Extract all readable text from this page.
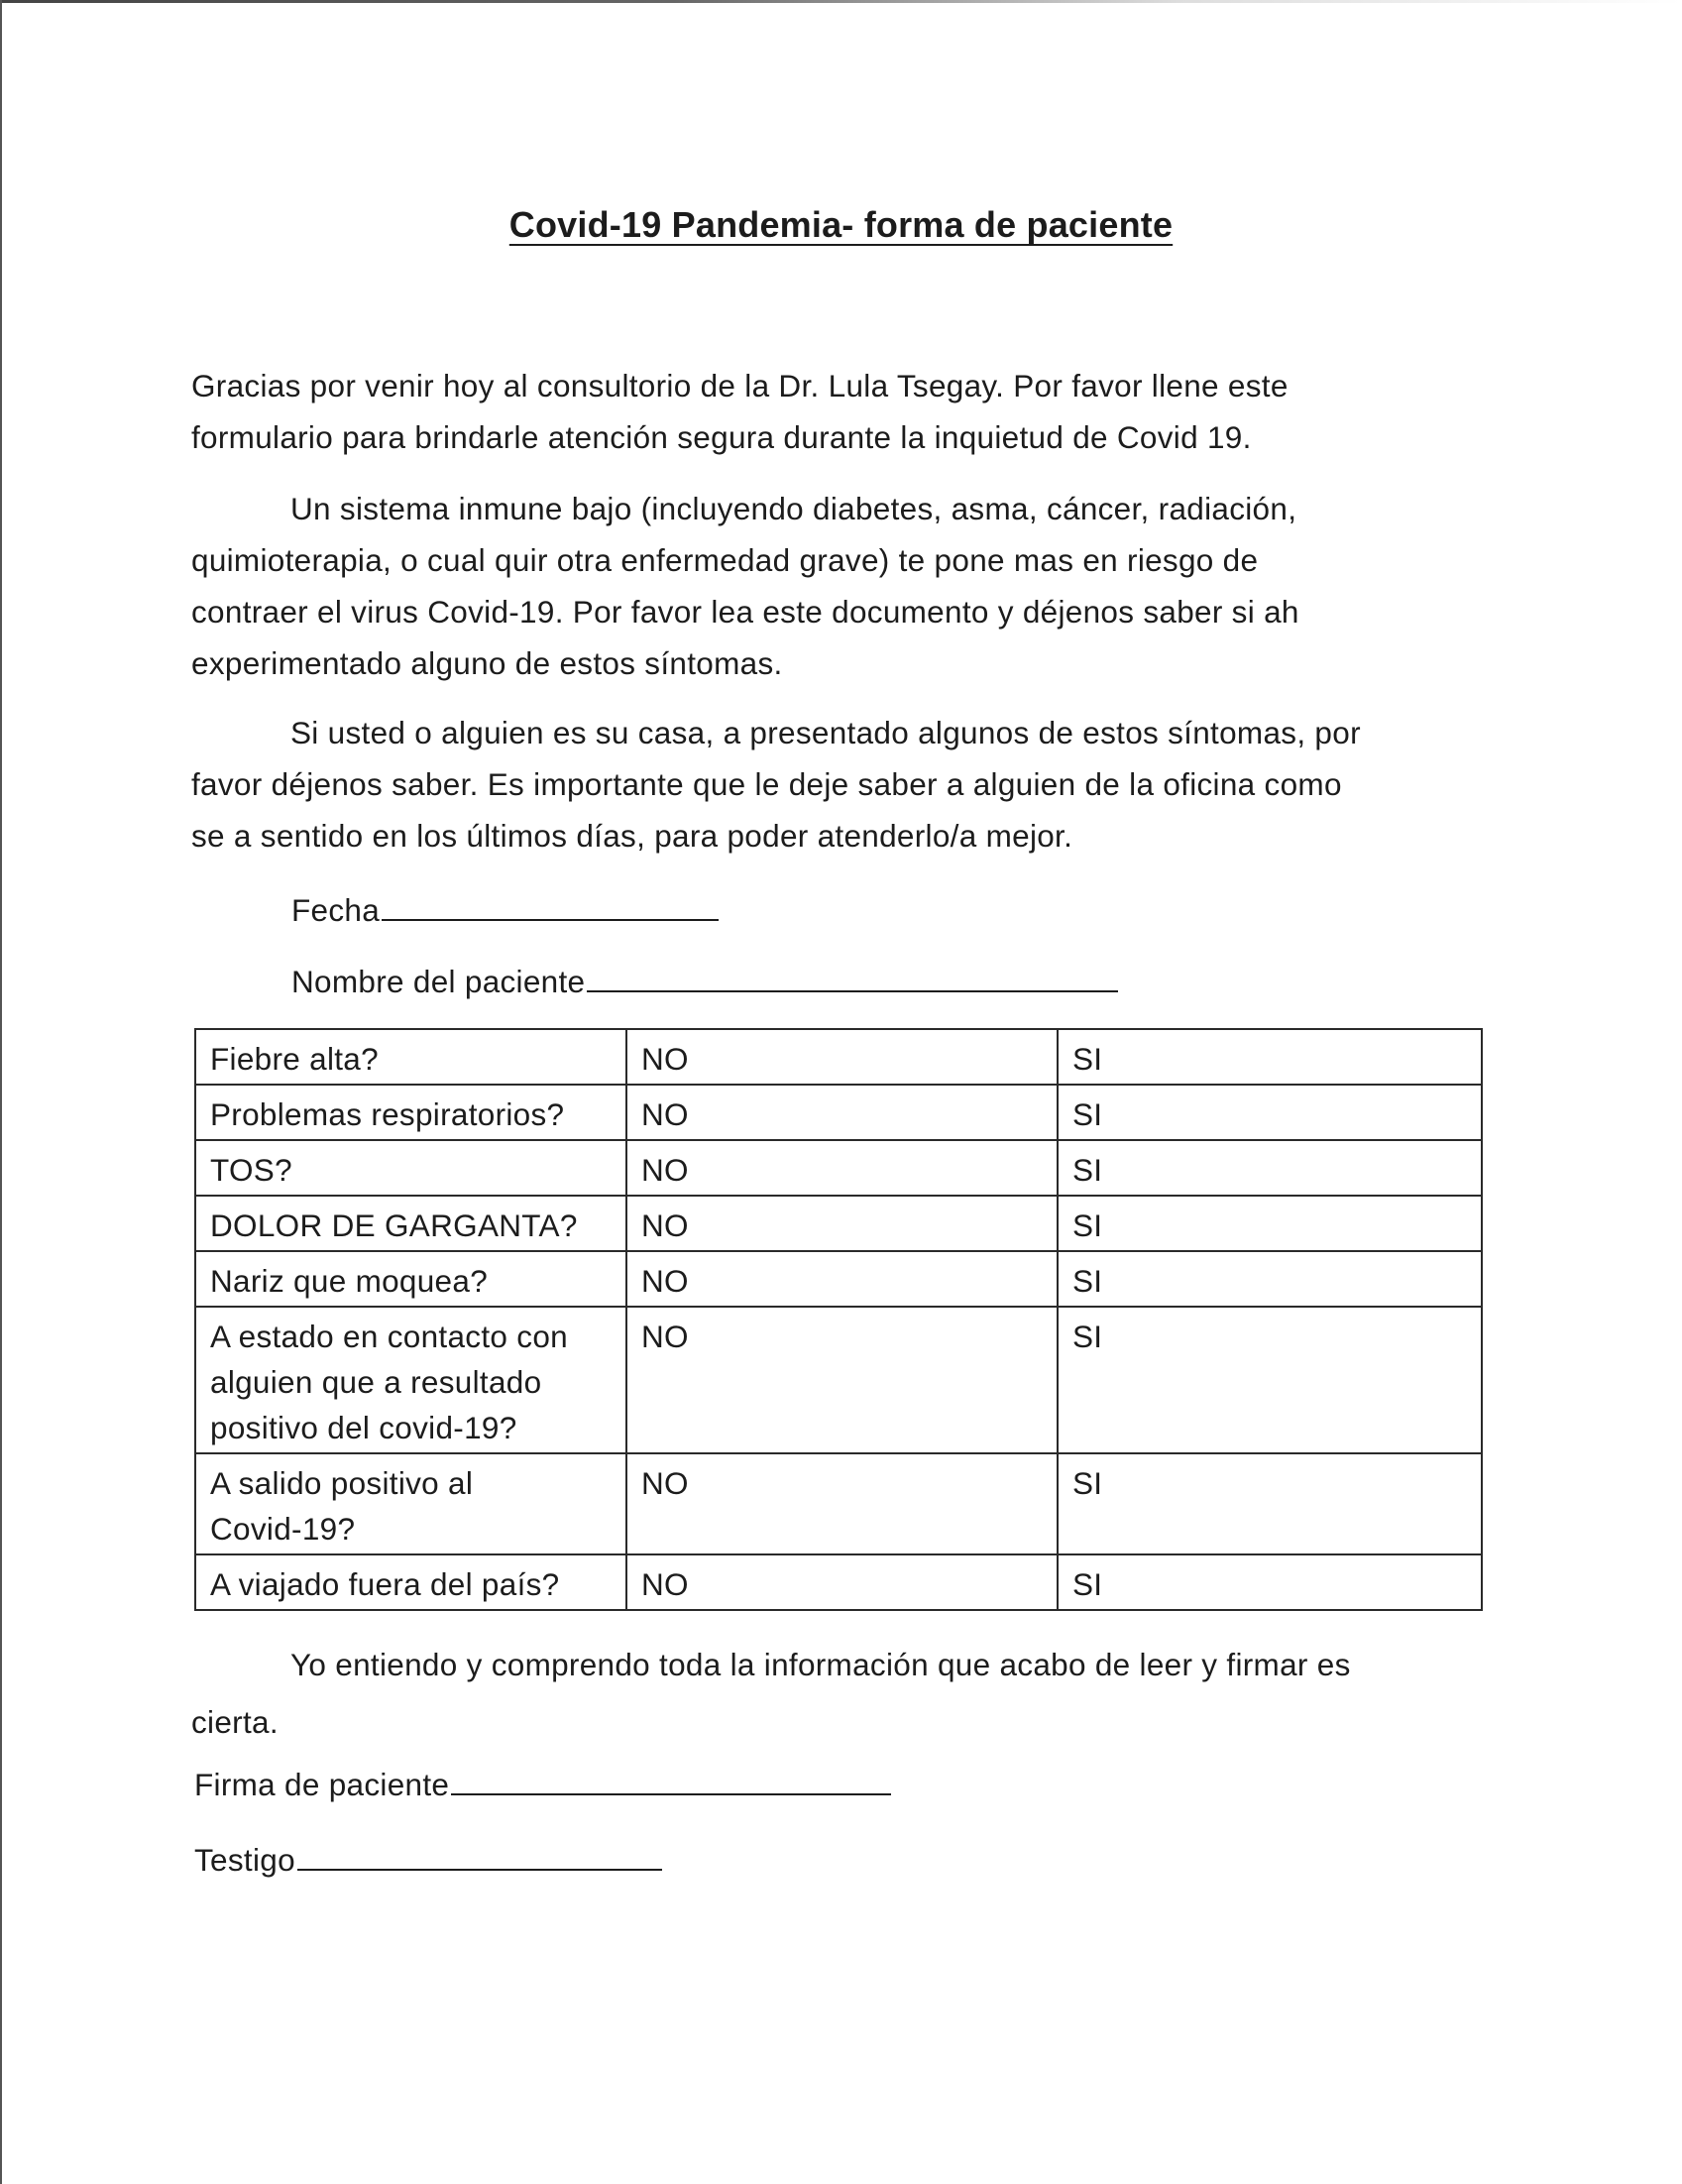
Covid-19 Pandemia- forma de paciente
Gracias por venir hoy al consultorio de la Dr. Lula Tsegay. Por favor llene este
formulario para brindarle atención segura durante la inquietud de Covid 19.
Un sistema inmune bajo (incluyendo diabetes, asma, cáncer, radiación,
quimioterapia, o cual quir otra enfermedad grave) te pone mas en riesgo de
contraer el virus Covid-19. Por favor lea este documento y déjenos saber si ah
experimentado alguno de estos síntomas.
Si usted o alguien es su casa, a presentado algunos de estos síntomas, por
favor déjenos saber. Es importante que le deje saber a alguien de la oficina como
se a sentido en los últimos días, para poder atenderlo/a mejor.
Fecha
Nombre del paciente
Fiebre alta?	NO	SI

Problemas respiratorios?	NO	SI

TOS?	NO	SI

DOLOR DE GARGANTA?	NO	SI

Nariz que moquea?	NO	SI

A estado en contacto con
alguien que a resultado
positivo del covid-19?	NO	SI

A salido positivo al
Covid-19?	NO	SI

A viajado fuera del país?	NO	SI
Yo entiendo y comprendo toda la información que acabo de leer y firmar es
cierta.
Firma de paciente
Testigo
